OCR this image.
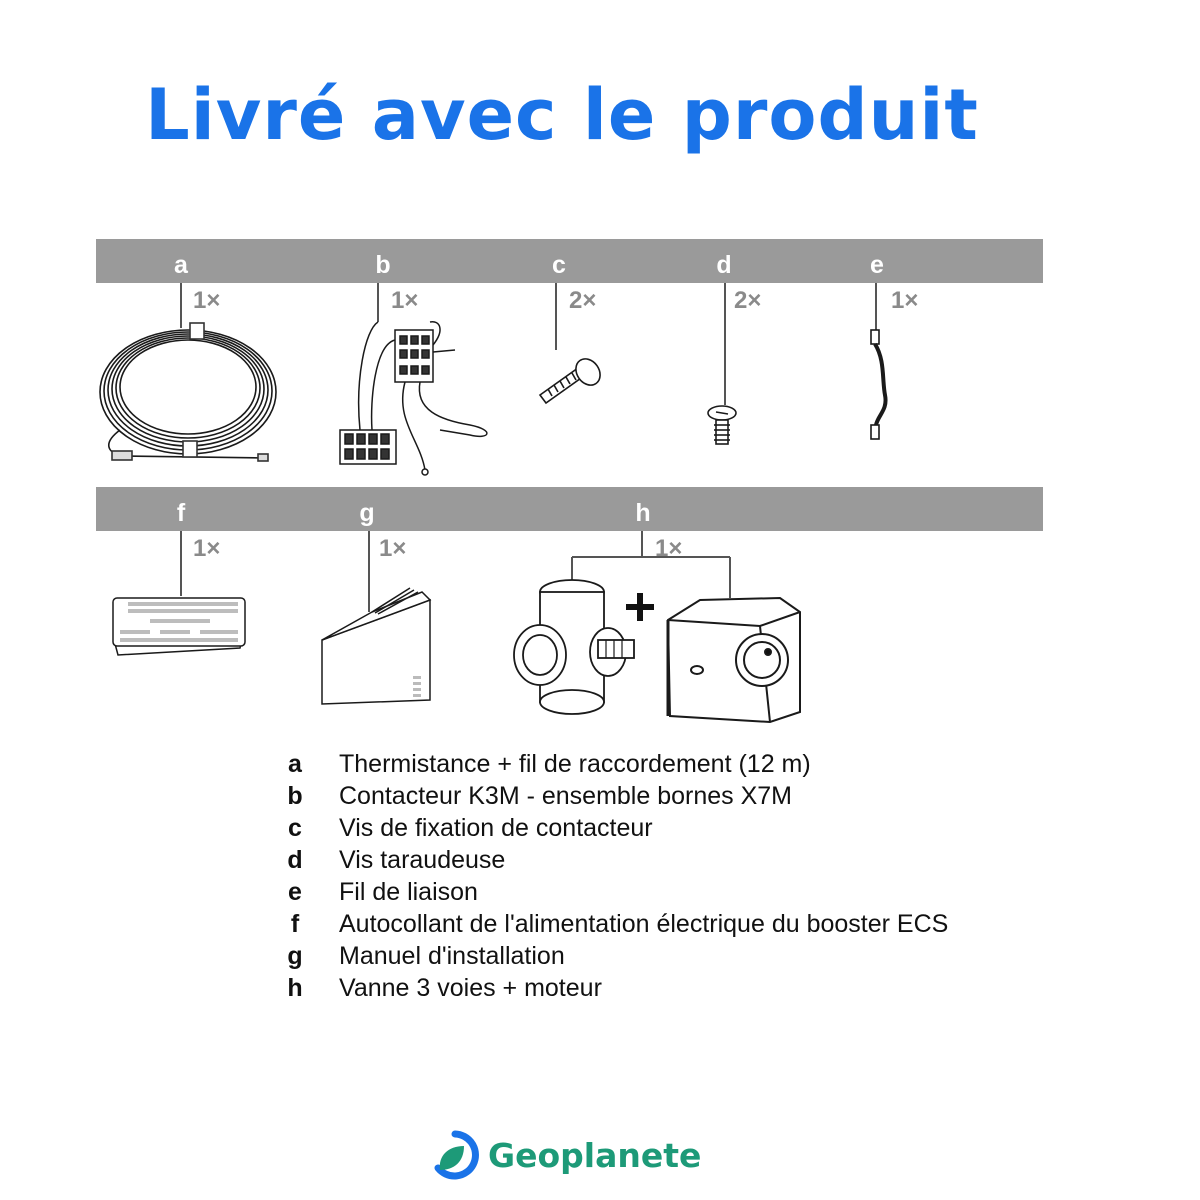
Livré avec le produit
a	b	c	d	e
f	g	h
1×	1×	2×	2×	1×
1×	1×	1×
a	Thermistance + fil de raccordement (12 m)
b Contacteur K3M - ensemble bornes X7M
c	Vis de fixation de contacteur
d Vis taraudeuse
e	Fil de liaison
f	Autocollant de l'alimentation électrique du booster ECS
g Manuel d'installation
h Vanne 3 voies + moteur
Geoplanete
